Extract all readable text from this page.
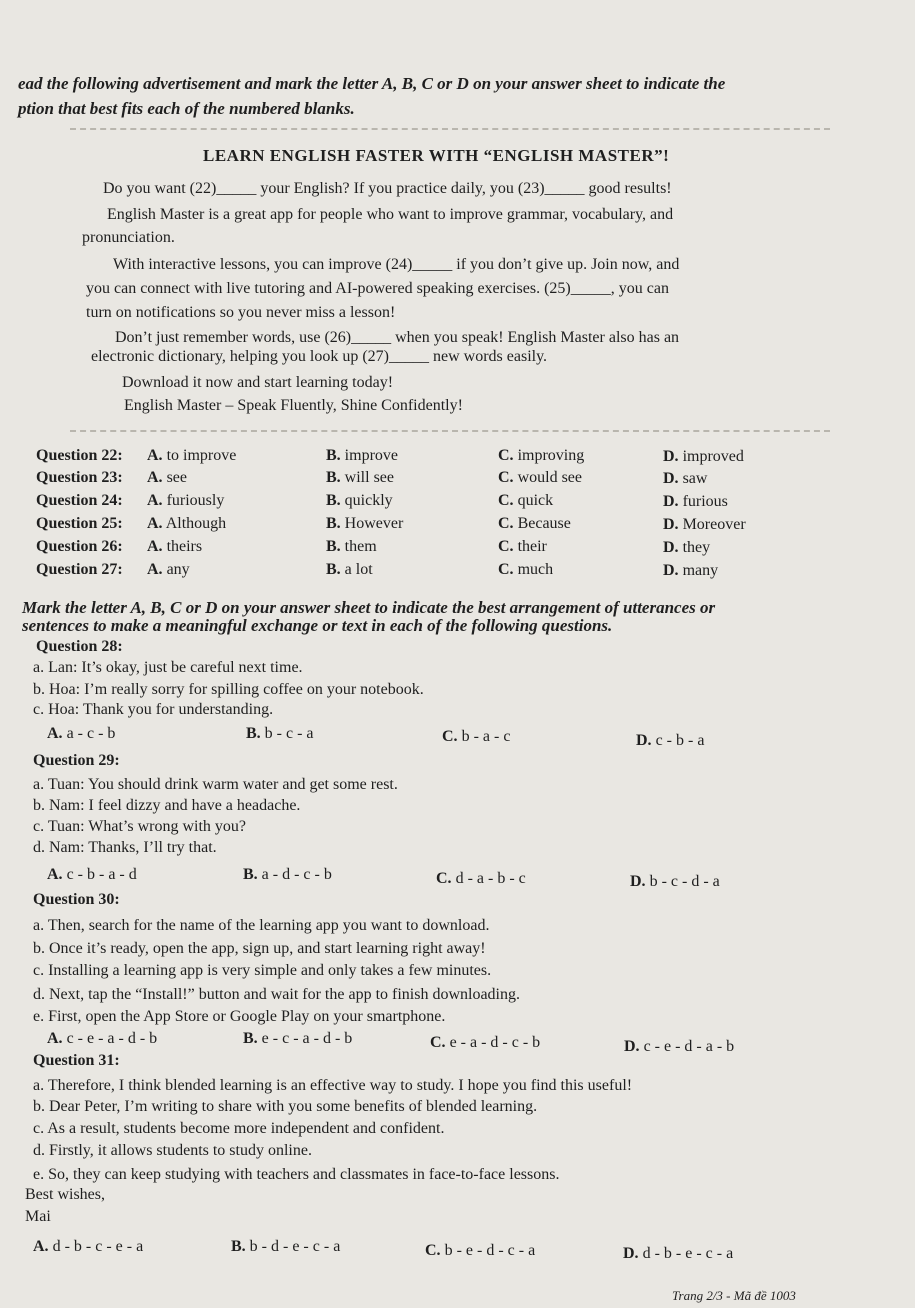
ead the following advertisement and mark the letter A, B, C or D on your answer sheet to indicate the
ption that best fits each of the numbered blanks.
LEARN ENGLISH FASTER WITH “ENGLISH MASTER”!
Do you want (22)_____ your English? If you practice daily, you (23)_____ good results!
English Master is a great app for people who want to improve grammar, vocabulary, and
pronunciation.
With interactive lessons, you can improve (24)_____ if you don’t give up. Join now, and
you can connect with live tutoring and AI-powered speaking exercises. (25)_____, you can
turn on notifications so you never miss a lesson!
Don’t just remember words, use (26)_____ when you speak! English Master also has an
electronic dictionary, helping you look up (27)_____ new words easily.
Download it now and start learning today!
English Master – Speak Fluently, Shine Confidently!
Question 22: A. to improve	B. improve	C. improving	D. improved
Question 23: A. see	B. will see	C. would see	D. saw
Question 24: A. furiously	B. quickly	C. quick	D. furious
Question 25: A. Although	B. However	C. Because	D. Moreover
Question 26: A. theirs	B. them	C. their	D. they
Question 27: A. any	B. a lot	C. much	D. many
Mark the letter A, B, C or D on your answer sheet to indicate the best arrangement of utterances or
sentences to make a meaningful exchange or text in each of the following questions.
Question 28:
a. Lan: It’s okay, just be careful next time.
b. Hoa: I’m really sorry for spilling coffee on your notebook.
c. Hoa: Thank you for understanding.
A. a - c - b	B. b - c - a	C. b - a - c	D. c - b - a
Question 29:
a. Tuan: You should drink warm water and get some rest.
b. Nam: I feel dizzy and have a headache.
c. Tuan: What’s wrong with you?
d. Nam: Thanks, I’ll try that.
A. c - b - a - d	B. a - d - c - b	C. d - a - b - c	D. b - c - d - a
Question 30:
a. Then, search for the name of the learning app you want to download.
b. Once it’s ready, open the app, sign up, and start learning right away!
c. Installing a learning app is very simple and only takes a few minutes.
d. Next, tap the “Install!” button and wait for the app to finish downloading.
e. First, open the App Store or Google Play on your smartphone.
A. c - e - a - d - b	B. e - c - a - d - b	C. e - a - d - c - b	D. c - e - d - a - b
Question 31:
a. Therefore, I think blended learning is an effective way to study. I hope you find this useful!
b. Dear Peter, I’m writing to share with you some benefits of blended learning.
c. As a result, students become more independent and confident.
d. Firstly, it allows students to study online.
e. So, they can keep studying with teachers and classmates in face-to-face lessons.
Best wishes,
Mai
A. d - b - c - e - a	B. b - d - e - c - a	C. b - e - d - c - a	D. d - b - e - c - a
Trang 2/3 - Mã đề 1003
